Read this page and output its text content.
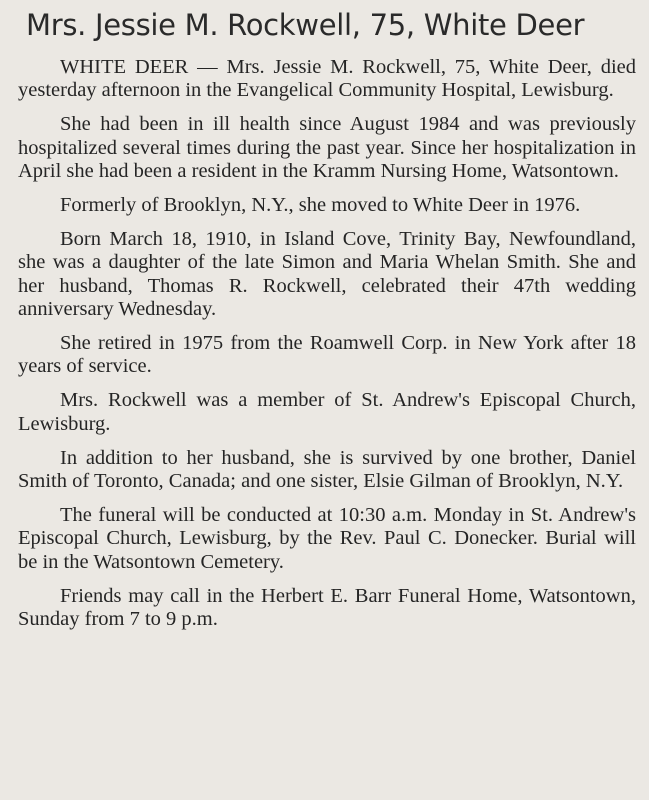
Mrs. Jessie M. Rockwell, 75, White Deer

WHITE DEER — Mrs. Jessie M. Rockwell, 75, White Deer, died yesterday afternoon in the Evangelical Community Hospital, Lewisburg.

She had been in ill health since August 1984 and was previously hospitalized several times during the past year. Since her hospitalization in April she had been a resident in the Kramm Nursing Home, Watsontown.

Formerly of Brooklyn, N.Y., she moved to White Deer in 1976.

Born March 18, 1910, in Island Cove, Trinity Bay, Newfoundland, she was a daughter of the late Simon and Maria Whelan Smith. She and her husband, Thomas R. Rockwell, celebrated their 47th wedding anniversary Wednesday.

She retired in 1975 from the Roamwell Corp. in New York after 18 years of service.

Mrs. Rockwell was a member of St. Andrew's Episcopal Church, Lewisburg.

In addition to her husband, she is survived by one brother, Daniel Smith of Toronto, Canada; and one sister, Elsie Gilman of Brooklyn, N.Y.

The funeral will be conducted at 10:30 a.m. Monday in St. Andrew's Episcopal Church, Lewisburg, by the Rev. Paul C. Donecker. Burial will be in the Watsontown Cemetery.

Friends may call in the Herbert E. Barr Funeral Home, Watsontown, Sunday from 7 to 9 p.m.
